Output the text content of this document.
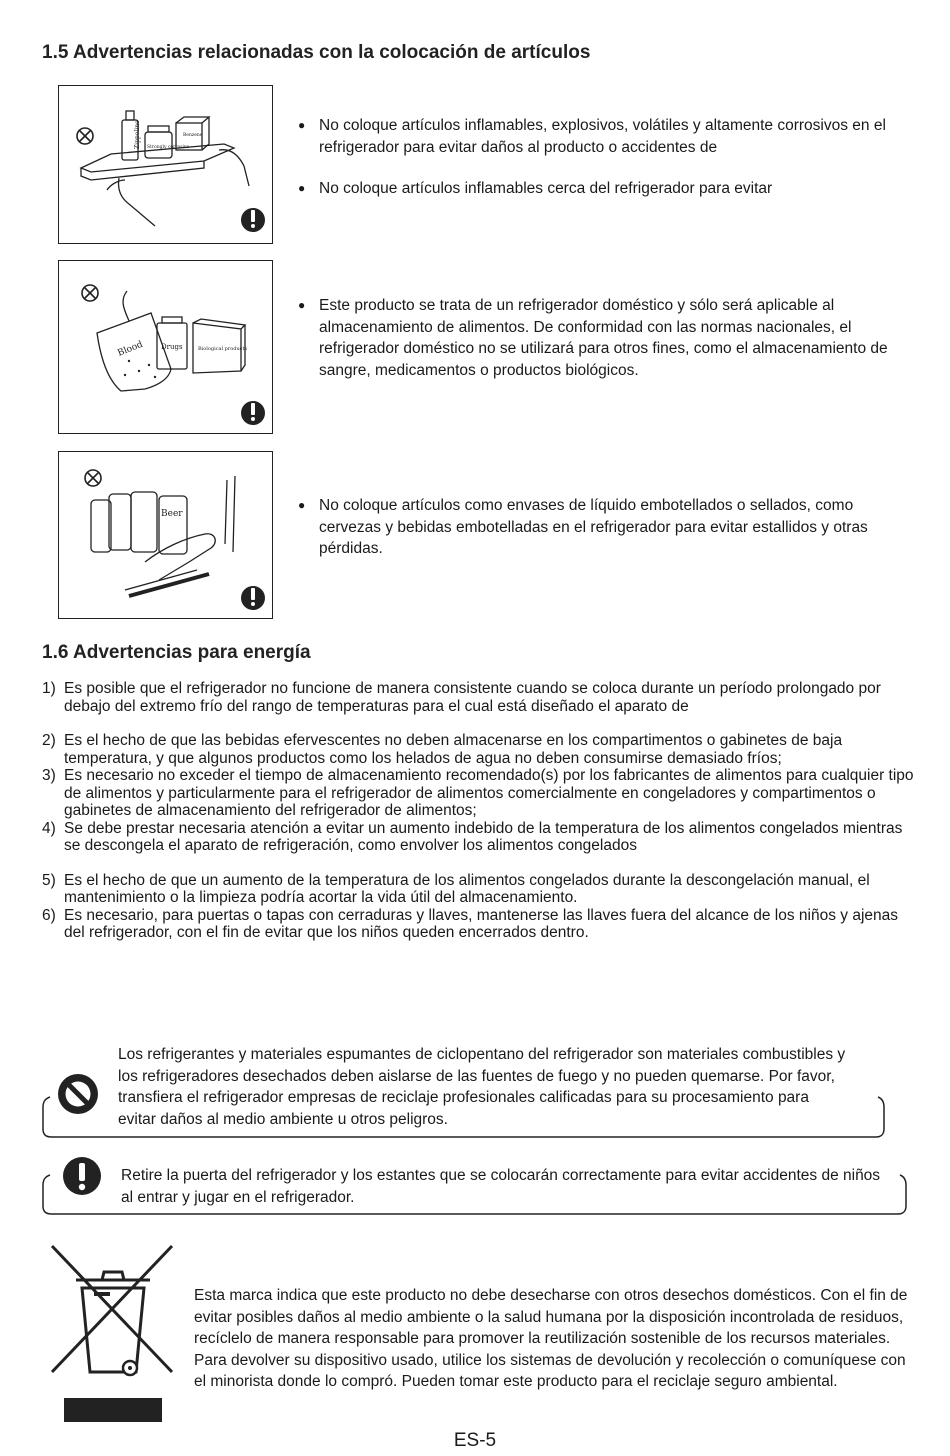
1.5 Advertencias relacionadas con la colocación de artículos
Zippoline Strongly corrosive
Benzene
● No coloque artículos inflamables, explosivos, volátiles y altamente corrosivos en el refrigerador para evitar daños al producto o accidentes de
● No coloque artículos inflamables cerca del refrigerador para evitar
Blood Drugs	Biological products
● Este producto se trata de un refrigerador doméstico y sólo será aplicable al almacenamiento de alimentos. De conformidad con las normas nacionales, el refrigerador doméstico no se utilizará para otros fines, como el almacenamiento de sangre, medicamentos o productos biológicos.
Beer
●	No coloque artículos como envases de líquido embotellados o sellados, como cervezas y bebidas embotelladas en el refrigerador para evitar estallidos y otras pérdidas.
1.6 Advertencias para energía
1) Es posible que el refrigerador no funcione de manera consistente cuando se coloca durante un período prolongado por debajo del extremo frío del rango de temperaturas para el cual está diseñado el aparato de
2) Es el hecho de que las bebidas efervescentes no deben almacenarse en los compartimentos o gabinetes de baja temperatura, y que algunos productos como los helados de agua no deben consumirse demasiado fríos;
3) Es necesario no exceder el tiempo de almacenamiento recomendado(s) por los fabricantes de alimentos para cualquier tipo de alimentos y particularmente para el refrigerador de alimentos comercialmente en congeladores y compartimentos o gabinetes de almacenamiento del refrigerador de alimentos;
4) Se debe prestar necesaria atención a evitar un aumento indebido de la temperatura de los alimentos congelados mientras se descongela el aparato de refrigeración, como envolver los alimentos congelados
5) Es el hecho de que un aumento de la temperatura de los alimentos congelados durante la descongelación manual, el mantenimiento o la limpieza podría acortar la vida útil del almacenamiento.
6) Es necesario, para puertas o tapas con cerraduras y llaves, mantenerse las llaves fuera del alcance de los niños y ajenas del refrigerador, con el fin de evitar que los niños queden encerrados dentro.
Los refrigerantes y materiales espumantes de ciclopentano del refrigerador son materiales combustibles y los refrigeradores desechados deben aislarse de las fuentes de fuego y no pueden quemarse. Por favor, transfiera el refrigerador empresas de reciclaje profesionales calificadas para su procesamiento para evitar daños al medio ambiente u otros peligros.
Retire la puerta del refrigerador y los estantes que se colocarán correctamente para evitar accidentes de niños al entrar y jugar en el refrigerador.
Esta marca indica que este producto no debe desecharse con otros desechos domésticos. Con el fin de evitar posibles daños al medio ambiente o la salud humana por la disposición incontrolada de residuos, recíclelo de manera responsable para promover la reutilización sostenible de los recursos materiales. Para devolver su dispositivo usado, utilice los sistemas de devolución y recolección o comuníquese con el minorista donde lo compró. Pueden tomar este producto para el reciclaje seguro ambiental.
ES-5
